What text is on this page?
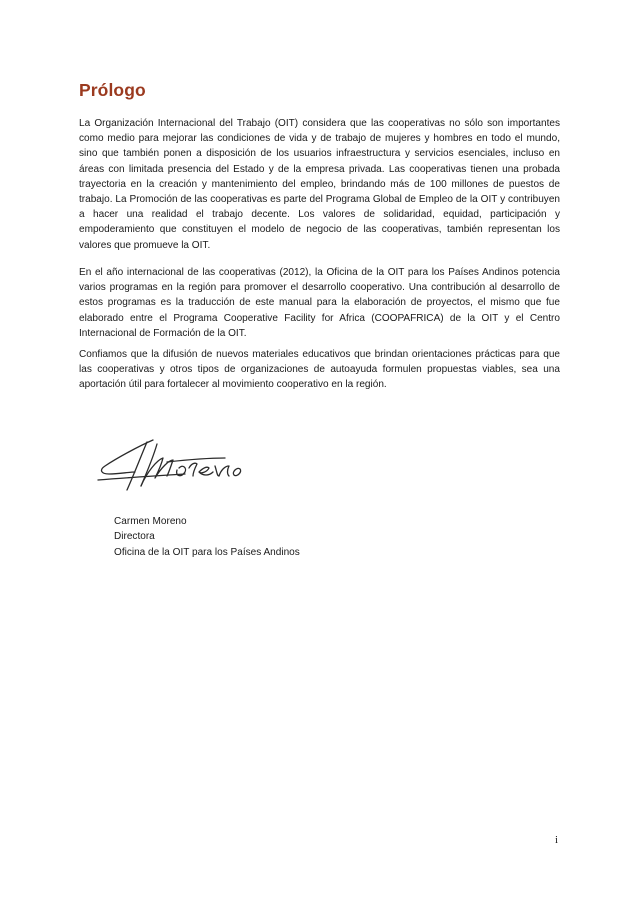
Prólogo

La Organización Internacional del Trabajo (OIT) considera que las cooperativas no sólo son importantes como medio para mejorar las condiciones de vida y de trabajo de mujeres y hombres en todo el mundo, sino que también ponen a disposición de los usuarios infraestructura y servicios esenciales, incluso en áreas con limitada presencia del Estado y de la empresa privada. Las cooperativas tienen una probada trayectoria en la creación y mantenimiento del empleo, brindando más de 100 millones de puestos de trabajo. La Promoción de las cooperativas es parte del Programa Global de Empleo de la OIT y contribuyen a hacer una realidad el trabajo decente. Los valores de solidaridad, equidad, participación y empoderamiento que constituyen el modelo de negocio de las cooperativas, también representan los valores que promueve la OIT.

En el año internacional de las cooperativas (2012), la Oficina de la OIT para los Países Andinos potencia varios programas en la región para promover el desarrollo cooperativo. Una contribución al desarrollo de estos programas es la traducción de este manual para la elaboración de proyectos, el mismo que fue elaborado entre el Programa Cooperative Facility for Africa (COOPAFRICA) de la OIT y el Centro Internacional de Formación de la OIT.

Confiamos que la difusión de nuevos materiales educativos que brindan orientaciones prácticas para que las cooperativas y otros tipos de organizaciones de autoayuda formulen propuestas viables, sea una aportación útil para fortalecer al movimiento cooperativo en la región.

Carmen Moreno
Directora
Oficina de la OIT para los Países Andinos
i
